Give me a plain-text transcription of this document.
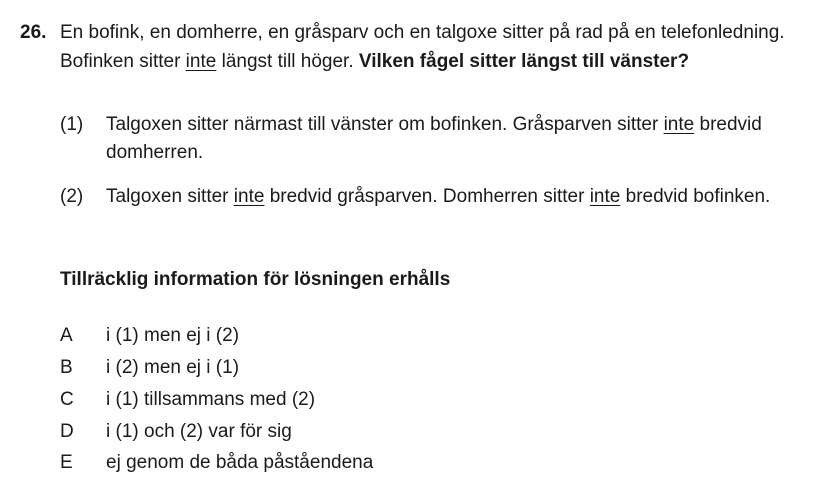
26. En bofink, en domherre, en gråsparv och en talgoxe sitter på rad på en telefonledning.
Bofinken sitter inte längst till höger. Vilken fågel sitter längst till vänster?
(1) Talgoxen sitter närmast till vänster om bofinken. Gråsparven sitter inte bredvid
domherren.
(2) Talgoxen sitter inte bredvid gråsparven. Domherren sitter inte bredvid bofinken.
Tillräcklig information för lösningen erhålls
A i (1) men ej i (2)
B i (2) men ej i (1)
C i (1) tillsammans med (2)
D i (1) och (2) var för sig
E ej genom de båda påståendena
